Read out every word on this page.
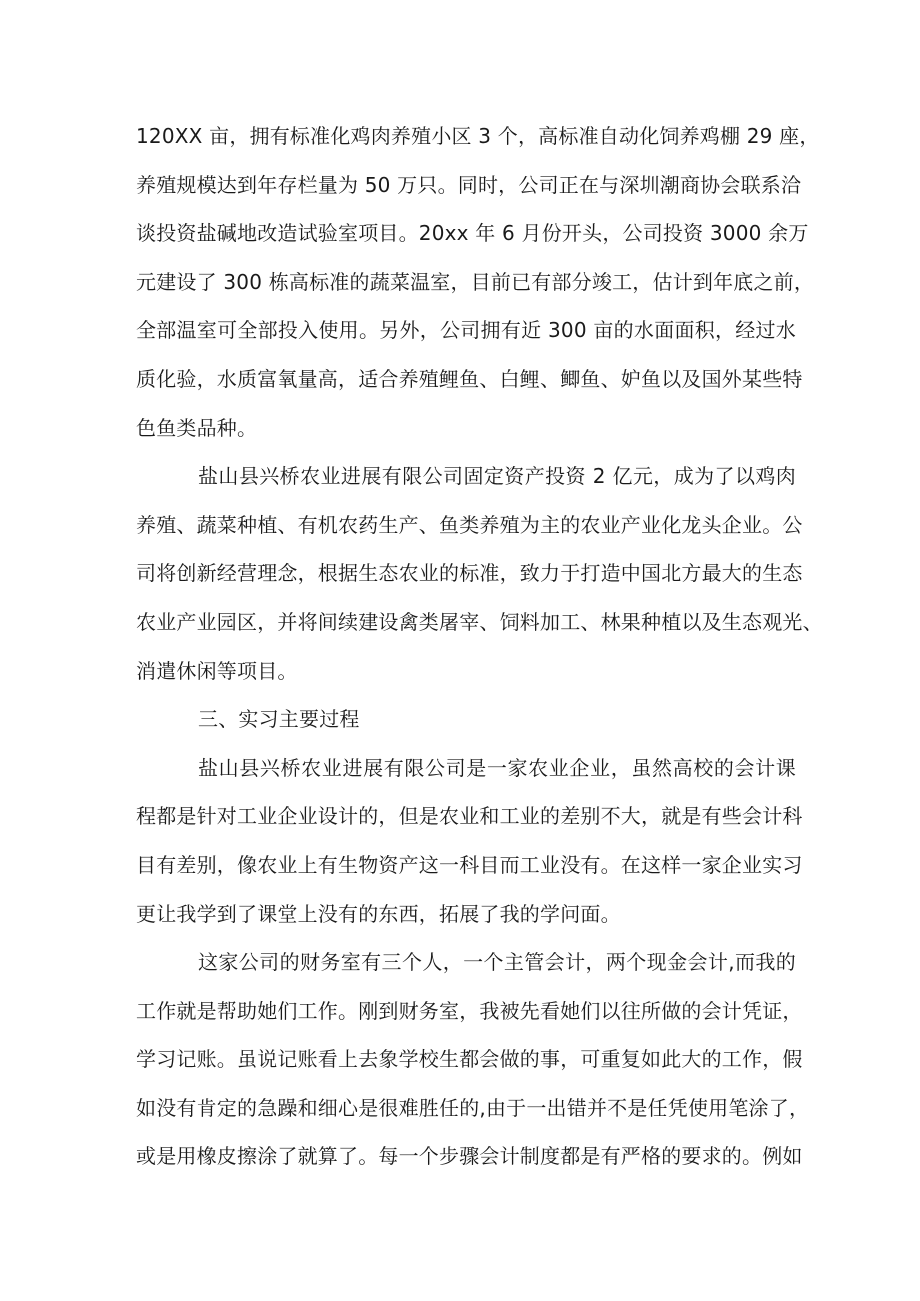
120XX 亩，拥有标准化鸡肉养殖小区 3 个，高标准自动化饲养鸡棚 29 座，
养殖规模达到年存栏量为 50 万只。同时，公司正在与深圳潮商协会联系洽
谈投资盐碱地改造试验室项目。20xx 年 6 月份开头，公司投资 3000 余万
元建设了 300 栋高标准的蔬菜温室，目前已有部分竣工，估计到年底之前，
全部温室可全部投入使用。另外，公司拥有近 300 亩的水面面积，经过水
质化验，水质富氧量高，适合养殖鲤鱼、白鲤、鲫鱼、妒鱼以及国外某些特
色鱼类品种。
盐山县兴桥农业进展有限公司固定资产投资 2 亿元，成为了以鸡肉
养殖、蔬菜种植、有机农药生产、鱼类养殖为主的农业产业化龙头企业。公
司将创新经营理念，根据生态农业的标准，致力于打造中国北方最大的生态
农业产业园区，并将间续建设禽类屠宰、饲料加工、林果种植以及生态观光、
消遣休闲等项目。
三、实习主要过程
盐山县兴桥农业进展有限公司是一家农业企业，虽然高校的会计课
程都是针对工业企业设计的，但是农业和工业的差别不大，就是有些会计科
目有差别，像农业上有生物资产这一科目而工业没有。在这样一家企业实习
更让我学到了课堂上没有的东西，拓展了我的学问面。
这家公司的财务室有三个人，一个主管会计，两个现金会计,而我的
工作就是帮助她们工作。刚到财务室，我被先看她们以往所做的会计凭证，
学习记账。虽说记账看上去象学校生都会做的事，可重复如此大的工作，假
如没有肯定的急躁和细心是很难胜任的,由于一出错并不是任凭使用笔涂了，
或是用橡皮擦涂了就算了。每一个步骤会计制度都是有严格的要求的。例如
